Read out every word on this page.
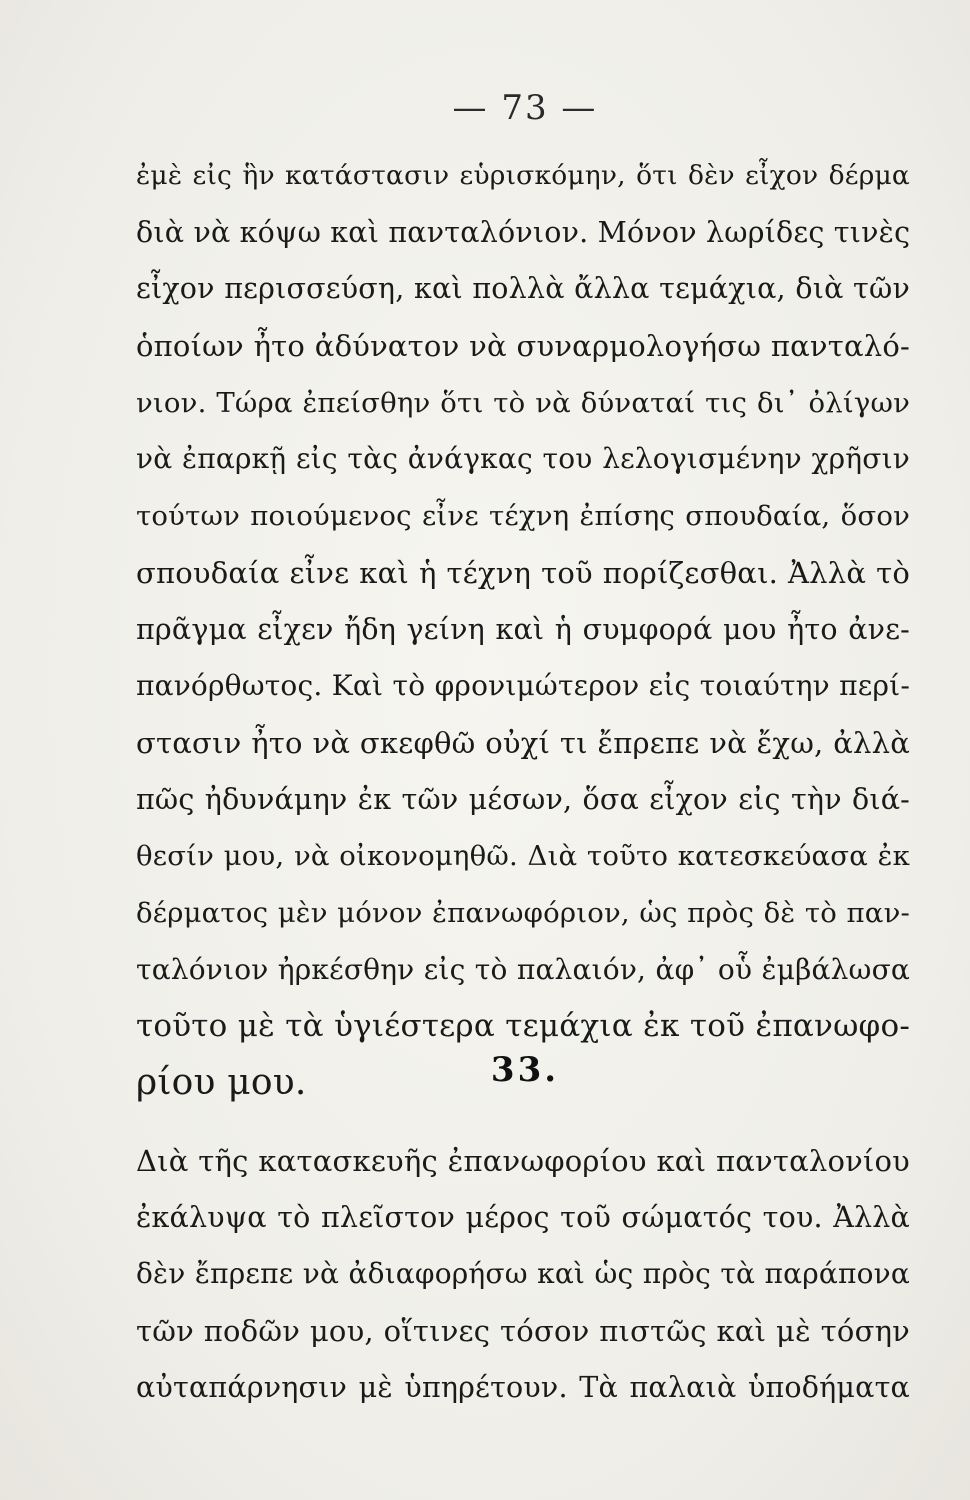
— 73 —
ἐμὲ εἰς ἣν κατάστασιν εὑρισκόμην, ὅτι δὲν εἶχον δέρμα
διὰ νὰ κόψω καὶ πανταλόνιον. Μόνον λωρίδες τινὲς
εἶχον περισσεύση, καὶ πολλὰ ἄλλα τεμάχια, διὰ τῶν
ὁποίων ἦτο ἀδύνατον νὰ συναρμολογήσω πανταλό-
νιον. Τώρα ἐπείσθην ὅτι τὸ νὰ δύναταί τις δι᾿ ὀλίγων
νὰ ἐπαρκῇ εἰς τὰς ἀνάγκας του λελογισμένην χρῆσιν
τούτων ποιούμενος εἶνε τέχνη ἐπίσης σπουδαία, ὅσον
σπουδαία εἶνε καὶ ἡ τέχνη τοῦ πορίζεσθαι. Ἀλλὰ τὸ
πρᾶγμα εἶχεν ἤδη γείνη καὶ ἡ συμφορά μου ἦτο ἀνε-
πανόρθωτος. Καὶ τὸ φρονιμώτερον εἰς τοιαύτην περί-
στασιν ἦτο νὰ σκεφθῶ οὐχί τι ἔπρεπε νὰ ἔχω, ἀλλὰ
πῶς ἠδυνάμην ἐκ τῶν μέσων, ὅσα εἶχον εἰς τὴν διά-
θεσίν μου, νὰ οἰκονομηθῶ. Διὰ τοῦτο κατεσκεύασα ἐκ
δέρματος μὲν μόνον ἐπανωφόριον, ὡς πρὸς δὲ τὸ παν-
ταλόνιον ἠρκέσθην εἰς τὸ παλαιόν, ἀφ᾿ οὗ ἐμβάλωσα
τοῦτο μὲ τὰ ὑγιέστερα τεμάχια ἐκ τοῦ ἐπανωφο-
ρίου μου.	33.
Διὰ τῆς κατασκευῆς ἐπανωφορίου καὶ πανταλονίου
ἐκάλυψα τὸ πλεῖστον μέρος τοῦ σώματός του. Ἀλλὰ
δὲν ἔπρεπε νὰ ἀδιαφορήσω καὶ ὡς πρὸς τὰ παράπονα
τῶν ποδῶν μου, οἵτινες τόσον πιστῶς καὶ μὲ τόσην
αὐταπάρνησιν μὲ ὑπηρέτουν. Τὰ παλαιὰ ὑποδήματα
